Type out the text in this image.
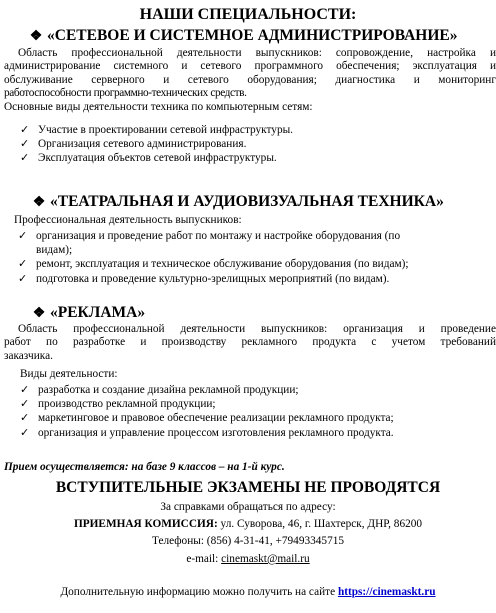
НАШИ СПЕЦИАЛЬНОСТИ:
❖ «СЕТЕВОЕ И СИСТЕМНОЕ АДМИНИСТРИРОВАНИЕ»
Область профессиональной деятельности выпускников: сопровождение, настройка и
администрирование системного и сетевого программного обеспечения; эксплуатация и
обслуживание серверного и сетевого оборудования; диагностика и мониторинг
работоспособности программно-технических средств.
Основные виды деятельности техника по компьютерным сетям:
✓ Участие в проектировании сетевой инфраструктуры.
✓ Организация сетевого администрирования.
✓ Эксплуатация объектов сетевой инфраструктуры.
❖ «ТЕАТРАЛЬНАЯ И АУДИОВИЗУАЛЬНАЯ ТЕХНИКА»
Профессиональная деятельность выпускников:
✓ организация и проведение работ по монтажу и настройке оборудования (по
видам);
✓ ремонт, эксплуатация и техническое обслуживание оборудования (по видам);
✓ подготовка и проведение культурно-зрелищных мероприятий (по видам).
❖ «РЕКЛАМА»
Область профессиональной деятельности выпускников: организация и проведение
работ по разработке и производству рекламного продукта с учетом требований
заказчика.
Виды деятельности:
✓ разработка и создание дизайна рекламной продукции;
✓ производство рекламной продукции;
✓ маркетинговое и правовое обеспечение реализации рекламного продукта;
✓ организация и управление процессом изготовления рекламного продукта.
Прием осуществляется: на базе 9 классов – на 1-й курс.
ВСТУПИТЕЛЬНЫЕ ЭКЗАМЕНЫ НЕ ПРОВОДЯТСЯ
За справками обращаться по адресу:
ПРИЕМНАЯ КОМИССИЯ: ул. Суворова, 46, г. Шахтерск, ДНР, 86200
Телефоны: (856) 4-31-41, +79493345715
e-mail: cinemaskt@mail.ru
Дополнительную информацию можно получить на сайте https://cinemaskt.ru
